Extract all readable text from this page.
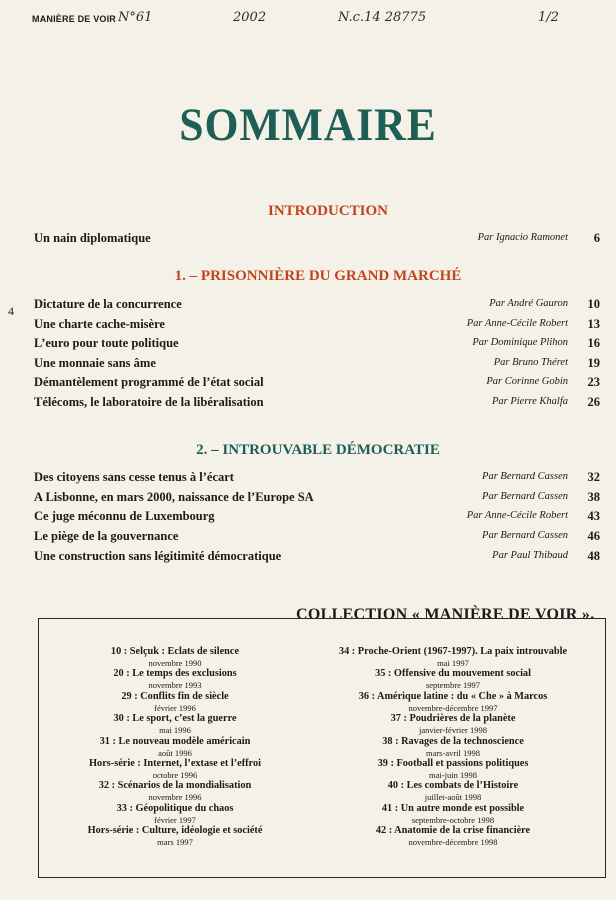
MANIÈRE DE VOIR N°61	2002	N.c.14 28775	1/2
SOMMAIRE
INTRODUCTION
Un nain diplomatique	Par Ignacio Ramonet 6
4
1. – PRISONNIÈRE DU GRAND MARCHÉ
Dictature de la concurrence	Par André Gauron 10
Une charte cache-misère	Par Anne-Cécile Robert 13
L’euro pour toute politique	Par Dominique Plihon 16
Une monnaie sans âme	Par Bruno Théret 19
Démantèlement programmé de l’état social	Par Corinne Gobin 23
Télécoms, le laboratoire de la libéralisation	Par Pierre Khalfa 26
2. – INTROUVABLE DÉMOCRATIE
Des citoyens sans cesse tenus à l’écart	Par Bernard Cassen 32
A Lisbonne, en mars 2000, naissance de l’Europe SA	Par Bernard Cassen 38
Ce juge méconnu de Luxembourg	Par Anne-Cécile Robert 43
Le piège de la gouvernance	Par Bernard Cassen 46
Une construction sans légitimité démocratique	Par Paul Thibaud 48
COLLECTION « MANIÈRE DE VOIR ».
10 : Selçuk : Eclats de silence
novembre 1990
20 : Le temps des exclusions
novembre 1993
29 : Conflits fin de siècle
février 1996
30 : Le sport, c’est la guerre
mai 1996
31 : Le nouveau modèle américain
août 1996
Hors-série : Internet, l’extase et l’effroi
octobre 1996
32 : Scénarios de la mondialisation
novembre 1996
33 : Géopolitique du chaos
février 1997
Hors-série : Culture, idéologie et société
mars 1997
34 : Proche-Orient (1967-1997). La paix introuvable
mai 1997
35 : Offensive du mouvement social
septembre 1997
36 : Amérique latine : du « Che » à Marcos
novembre-décembre 1997
37 : Poudrières de la planète
janvier-février 1998
38 : Ravages de la technoscience
mars-avril 1998
39 : Football et passions politiques
mai-juin 1998
40 : Les combats de l’Histoire
juillet-août 1998
41 : Un autre monde est possible
septembre-octobre 1998
42 : Anatomie de la crise financière
novembre-décembre 1998
